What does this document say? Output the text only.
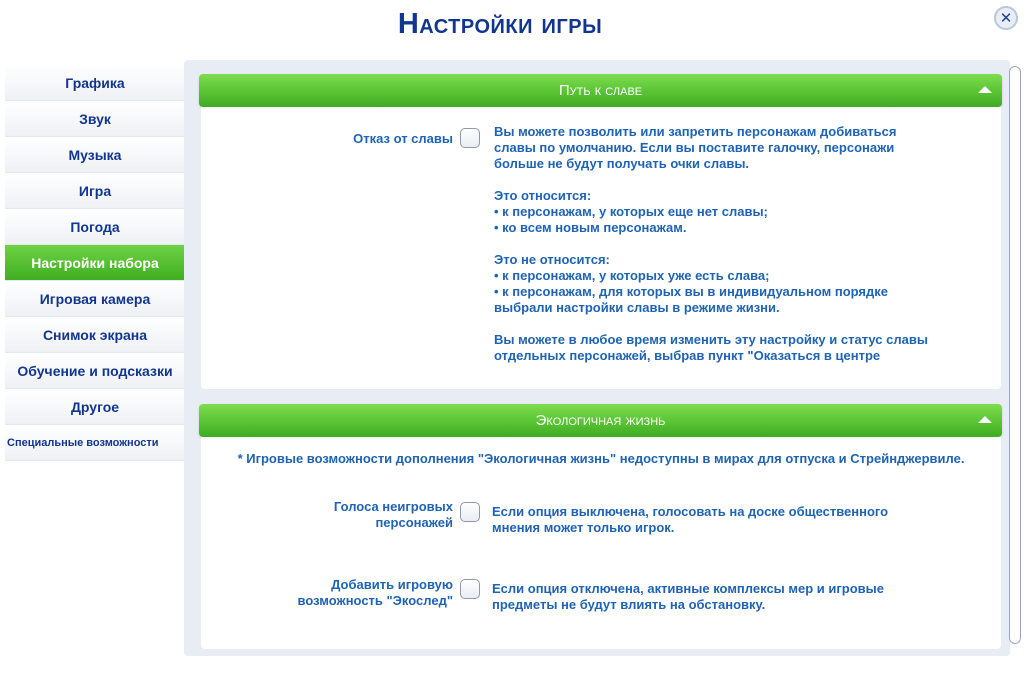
Настройки игры	✕
Графика
Звук
Музыка
Игра
Погода
Настройки набора
Игровая камера
Снимок экрана
Обучение и подсказки
Другое
Специальные возможности
Путь к славе
Отказ от славы	Вы можете позволить или запретить персонажам добиваться
славы по умолчанию. Если вы поставите галочку, персонажи
больше не будут получать очки славы.

Это относится:
• к персонажам, у которых еще нет славы;
• ко всем новым персонажам.

Это не относится:
• к персонажам, у которых уже есть слава;
• к персонажам, для которых вы в индивидуальном порядке
выбрали настройки славы в режиме жизни.

Вы можете в любое время изменить эту настройку и статус славы
отдельных персонажей, выбрав пункт "Оказаться в центре
Экологичная жизнь
* Игровые возможности дополнения "Экологичная жизнь" недоступны в мирах для отпуска и Стрейнджервиле.
Голоса неигровых
персонажей
Если опция выключена, голосовать на доске общественного
мнения может только игрок.
Добавить игровую
возможность "Экослед"
Если опция отключена, активные комплексы мер и игровые
предметы не будут влиять на обстановку.
